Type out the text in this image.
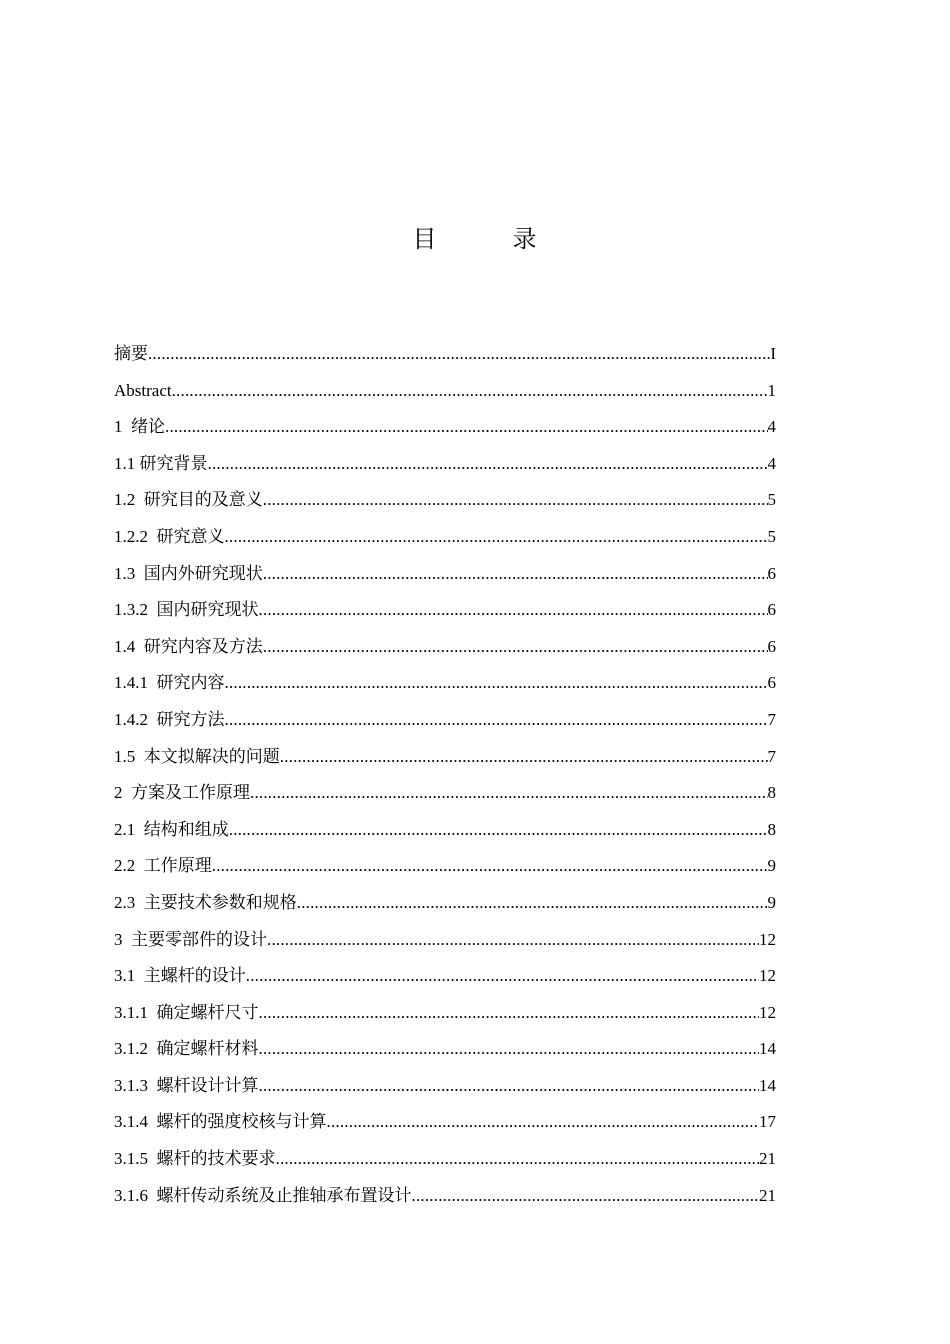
目　录
摘要 .....	I
Abstract .....	1
1  绪论 .....	4
1.1 研究背景 .....	4
1.2  研究目的及意义 .....	5
1.2.2  研究意义 .....	5
1.3  国内外研究现状 .....	6
1.3.2  国内研究现状 .....	6
1.4  研究内容及方法 .....	6
1.4.1  研究内容 .....	6
1.4.2  研究方法 .....	7
1.5  本文拟解决的问题 .....	7
2  方案及工作原理 .....	8
2.1  结构和组成 .....	8
2.2  工作原理 .....	9
2.3  主要技术参数和规格 .....	9
3  主要零部件的设计 .....	12
3.1  主螺杆的设计 .....	12
3.1.1  确定螺杆尺寸 .....	12
3.1.2  确定螺杆材料 .....	14
3.1.3  螺杆设计计算 .....	14
3.1.4  螺杆的强度校核与计算 .....	17
3.1.5  螺杆的技术要求 .....	21
3.1.6  螺杆传动系统及止推轴承布置设计 .....	21
